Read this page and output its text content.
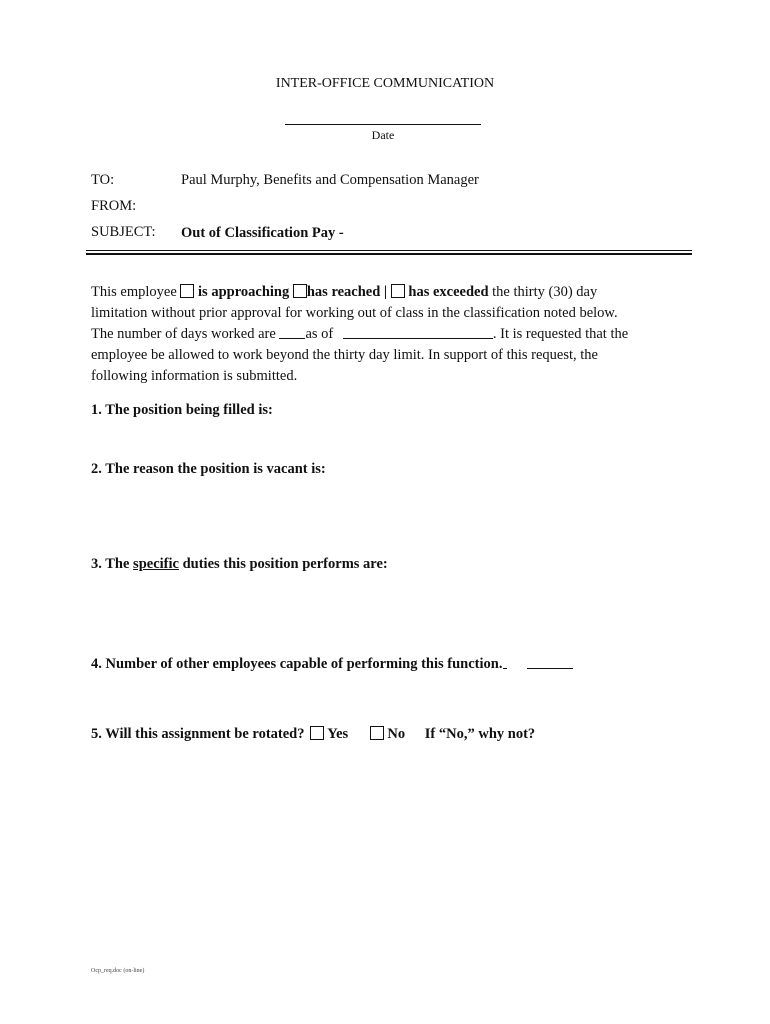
INTER-OFFICE COMMUNICATION
Date
TO:	Paul Murphy, Benefits and Compensation Manager
FROM:
SUBJECT: Out of Classification Pay -
This employee is approaching has reached | has exceeded the thirty (30) day
limitation without prior approval for working out of class in the classification noted below.
The number of days worked are as of	. It is requested that the
employee be allowed to work beyond the thirty day limit. In support of this request, the
following information is submitted.
1. The position being filled is:
2. The reason the position is vacant is:
3. The specific duties this position performs are:
4. Number of other employees capable of performing this function.
5. Will this assignment be rotated? Yes	No If “No,” why not?
Ocp_req.doc (on-line)
